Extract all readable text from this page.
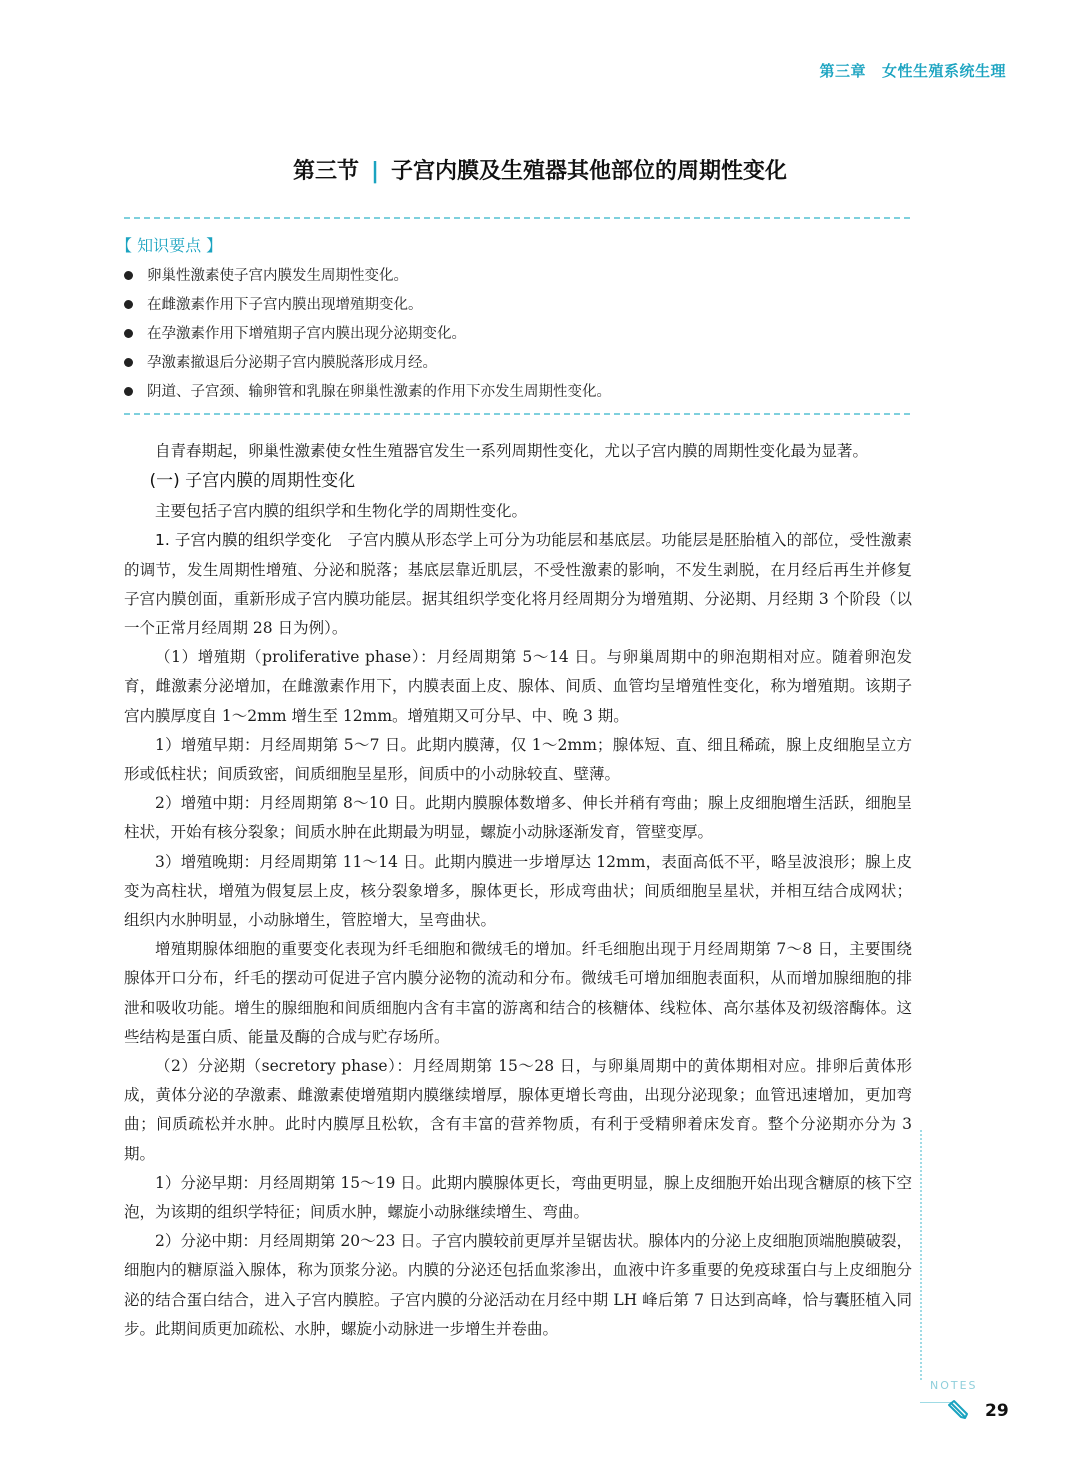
第三章 女性生殖系统生理
第三节 | 子宫内膜及生殖器其他部位的周期性变化
【 知识要点 】
卵巢性激素使子宫内膜发生周期性变化。
在雌激素作用下子宫内膜出现增殖期变化。
在孕激素作用下增殖期子宫内膜出现分泌期变化。
孕激素撤退后分泌期子宫内膜脱落形成月经。
阴道、子宫颈、输卵管和乳腺在卵巢性激素的作用下亦发生周期性变化。

自青春期起，卵巢性激素使女性生殖器官发生一系列周期性变化，尤以子宫内膜的周期性变化最为显著。

(一) 子宫内膜的周期性变化

主要包括子宫内膜的组织学和生物化学的周期性变化。

1. 子宫内膜的组织学变化　 子宫内膜从形态学上可分为功能层和基底层。功能层是胚胎植入的部位，受性激素的调节，发生周期性增殖、分泌和脱落；基底层靠近肌层，不受性激素的影响，不发生剥脱，在月经后再生并修复子宫内膜创面，重新形成子宫内膜功能层。据其组织学变化将月经周期分为增殖期、分泌期、月经期 3 个阶段（以一个正常月经周期 28 日为例）。

（1）增殖期（proliferative phase）：月经周期第 5～14 日。与卵巢周期中的卵泡期相对应。随着卵泡发育，雌激素分泌增加，在雌激素作用下，内膜表面上皮、腺体、间质、血管均呈增殖性变化，称为增殖期。该期子宫内膜厚度自 1～2mm 增生至 12mm。增殖期又可分早、中、晚 3 期。

1）增殖早期：月经周期第 5～7 日。此期内膜薄，仅 1～2mm；腺体短、直、细且稀疏，腺上皮细胞呈立方形或低柱状；间质致密，间质细胞呈星形，间质中的小动脉较直、壁薄。

2）增殖中期：月经周期第 8～10 日。此期内膜腺体数增多、伸长并稍有弯曲；腺上皮细胞增生活跃，细胞呈柱状，开始有核分裂象；间质水肿在此期最为明显，螺旋小动脉逐渐发育，管壁变厚。

3）增殖晚期：月经周期第 11～14 日。此期内膜进一步增厚达 12mm，表面高低不平，略呈波浪形；腺上皮变为高柱状，增殖为假复层上皮，核分裂象增多，腺体更长，形成弯曲状；间质细胞呈星状，并相互结合成网状；组织内水肿明显，小动脉增生，管腔增大，呈弯曲状。

增殖期腺体细胞的重要变化表现为纤毛细胞和微绒毛的增加。纤毛细胞出现于月经周期第 7～8 日，主要围绕腺体开口分布，纤毛的摆动可促进子宫内膜分泌物的流动和分布。微绒毛可增加细胞表面积，从而增加腺细胞的排泄和吸收功能。增生的腺细胞和间质细胞内含有丰富的游离和结合的核糖体、线粒体、高尔基体及初级溶酶体。这些结构是蛋白质、能量及酶的合成与贮存场所。

（2）分泌期（secretory phase）：月经周期第 15～28 日，与卵巢周期中的黄体期相对应。排卵后黄体形成，黄体分泌的孕激素、雌激素使增殖期内膜继续增厚，腺体更增长弯曲，出现分泌现象；血管迅速增加，更加弯曲；间质疏松并水肿。此时内膜厚且松软，含有丰富的营养物质，有利于受精卵着床发育。整个分泌期亦分为 3 期。

1）分泌早期：月经周期第 15～19 日。此期内膜腺体更长，弯曲更明显，腺上皮细胞开始出现含糖原的核下空泡，为该期的组织学特征；间质水肿，螺旋小动脉继续增生、弯曲。

2）分泌中期：月经周期第 20～23 日。子宫内膜较前更厚并呈锯齿状。腺体内的分泌上皮细胞顶端胞膜破裂，细胞内的糖原溢入腺体，称为顶浆分泌。内膜的分泌还包括血浆渗出，血液中许多重要的免疫球蛋白与上皮细胞分泌的结合蛋白结合，进入子宫内膜腔。子宫内膜的分泌活动在月经中期 LH 峰后第 7 日达到高峰，恰与囊胚植入同步。此期间质更加疏松、水肿，螺旋小动脉进一步增生并卷曲。

NOTES
29
